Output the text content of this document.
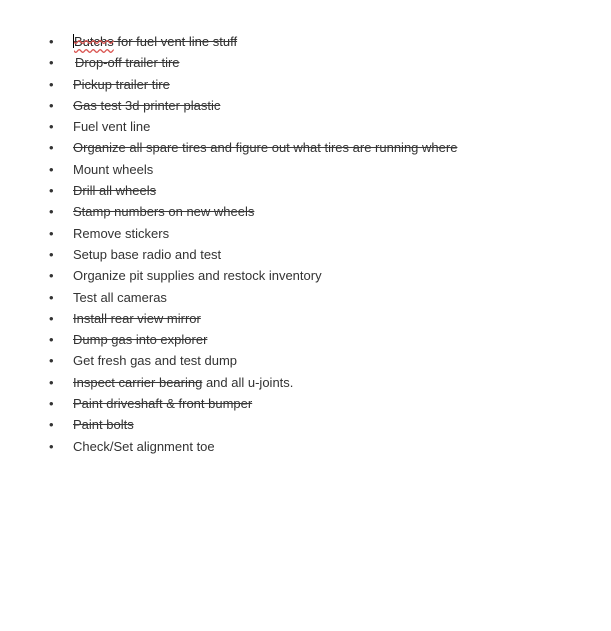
•	Butchs for fuel vent line stuff
•	Drop-off trailer tire
•	Pickup trailer tire
•	Gas test 3d printer plastic
•	Fuel vent line
•	Organize all spare tires and figure out what tires are running where
•	Mount wheels
•	Drill all wheels
•	Stamp numbers on new wheels
•	Remove stickers
•	Setup base radio and test
•	Organize pit supplies and restock inventory
•	Test all cameras
•	Install rear view mirror
•	Dump gas into explorer
•	Get fresh gas and test dump
•	Inspect carrier bearing and all u-joints.
•	Paint driveshaft & front bumper
•	Paint bolts
•	Check/Set alignment toe
